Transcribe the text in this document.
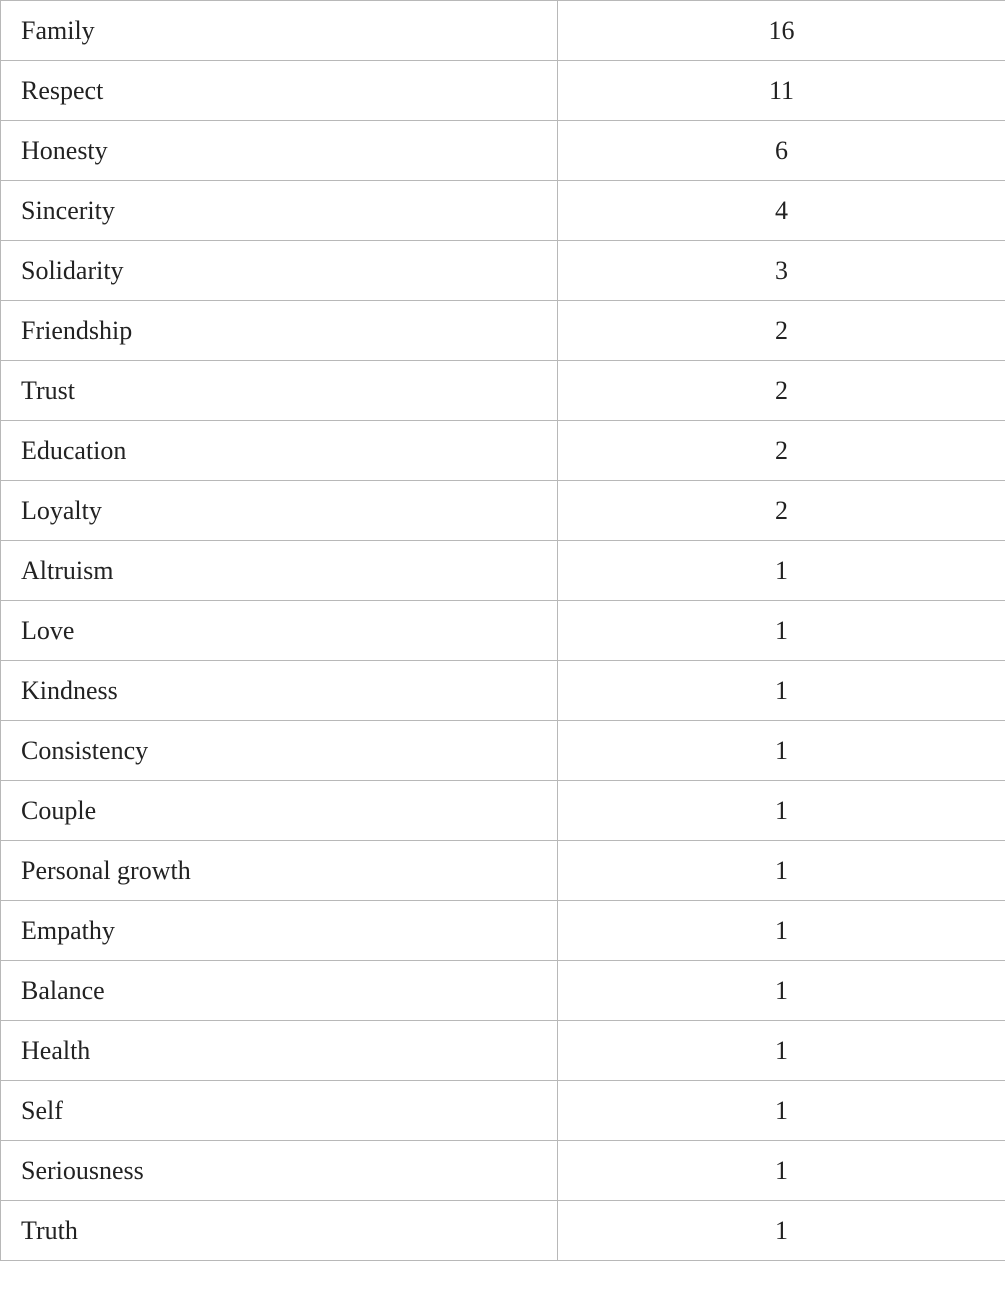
Family	16
Respect	11
Honesty	6
Sincerity	4
Solidarity	3
Friendship	2
Trust	2
Education	2
Loyalty	2
Altruism	1
Love	1
Kindness	1
Consistency	1
Couple	1
Personal growth	1
Empathy	1
Balance	1
Health	1
Self	1
Seriousness	1
Truth	1
